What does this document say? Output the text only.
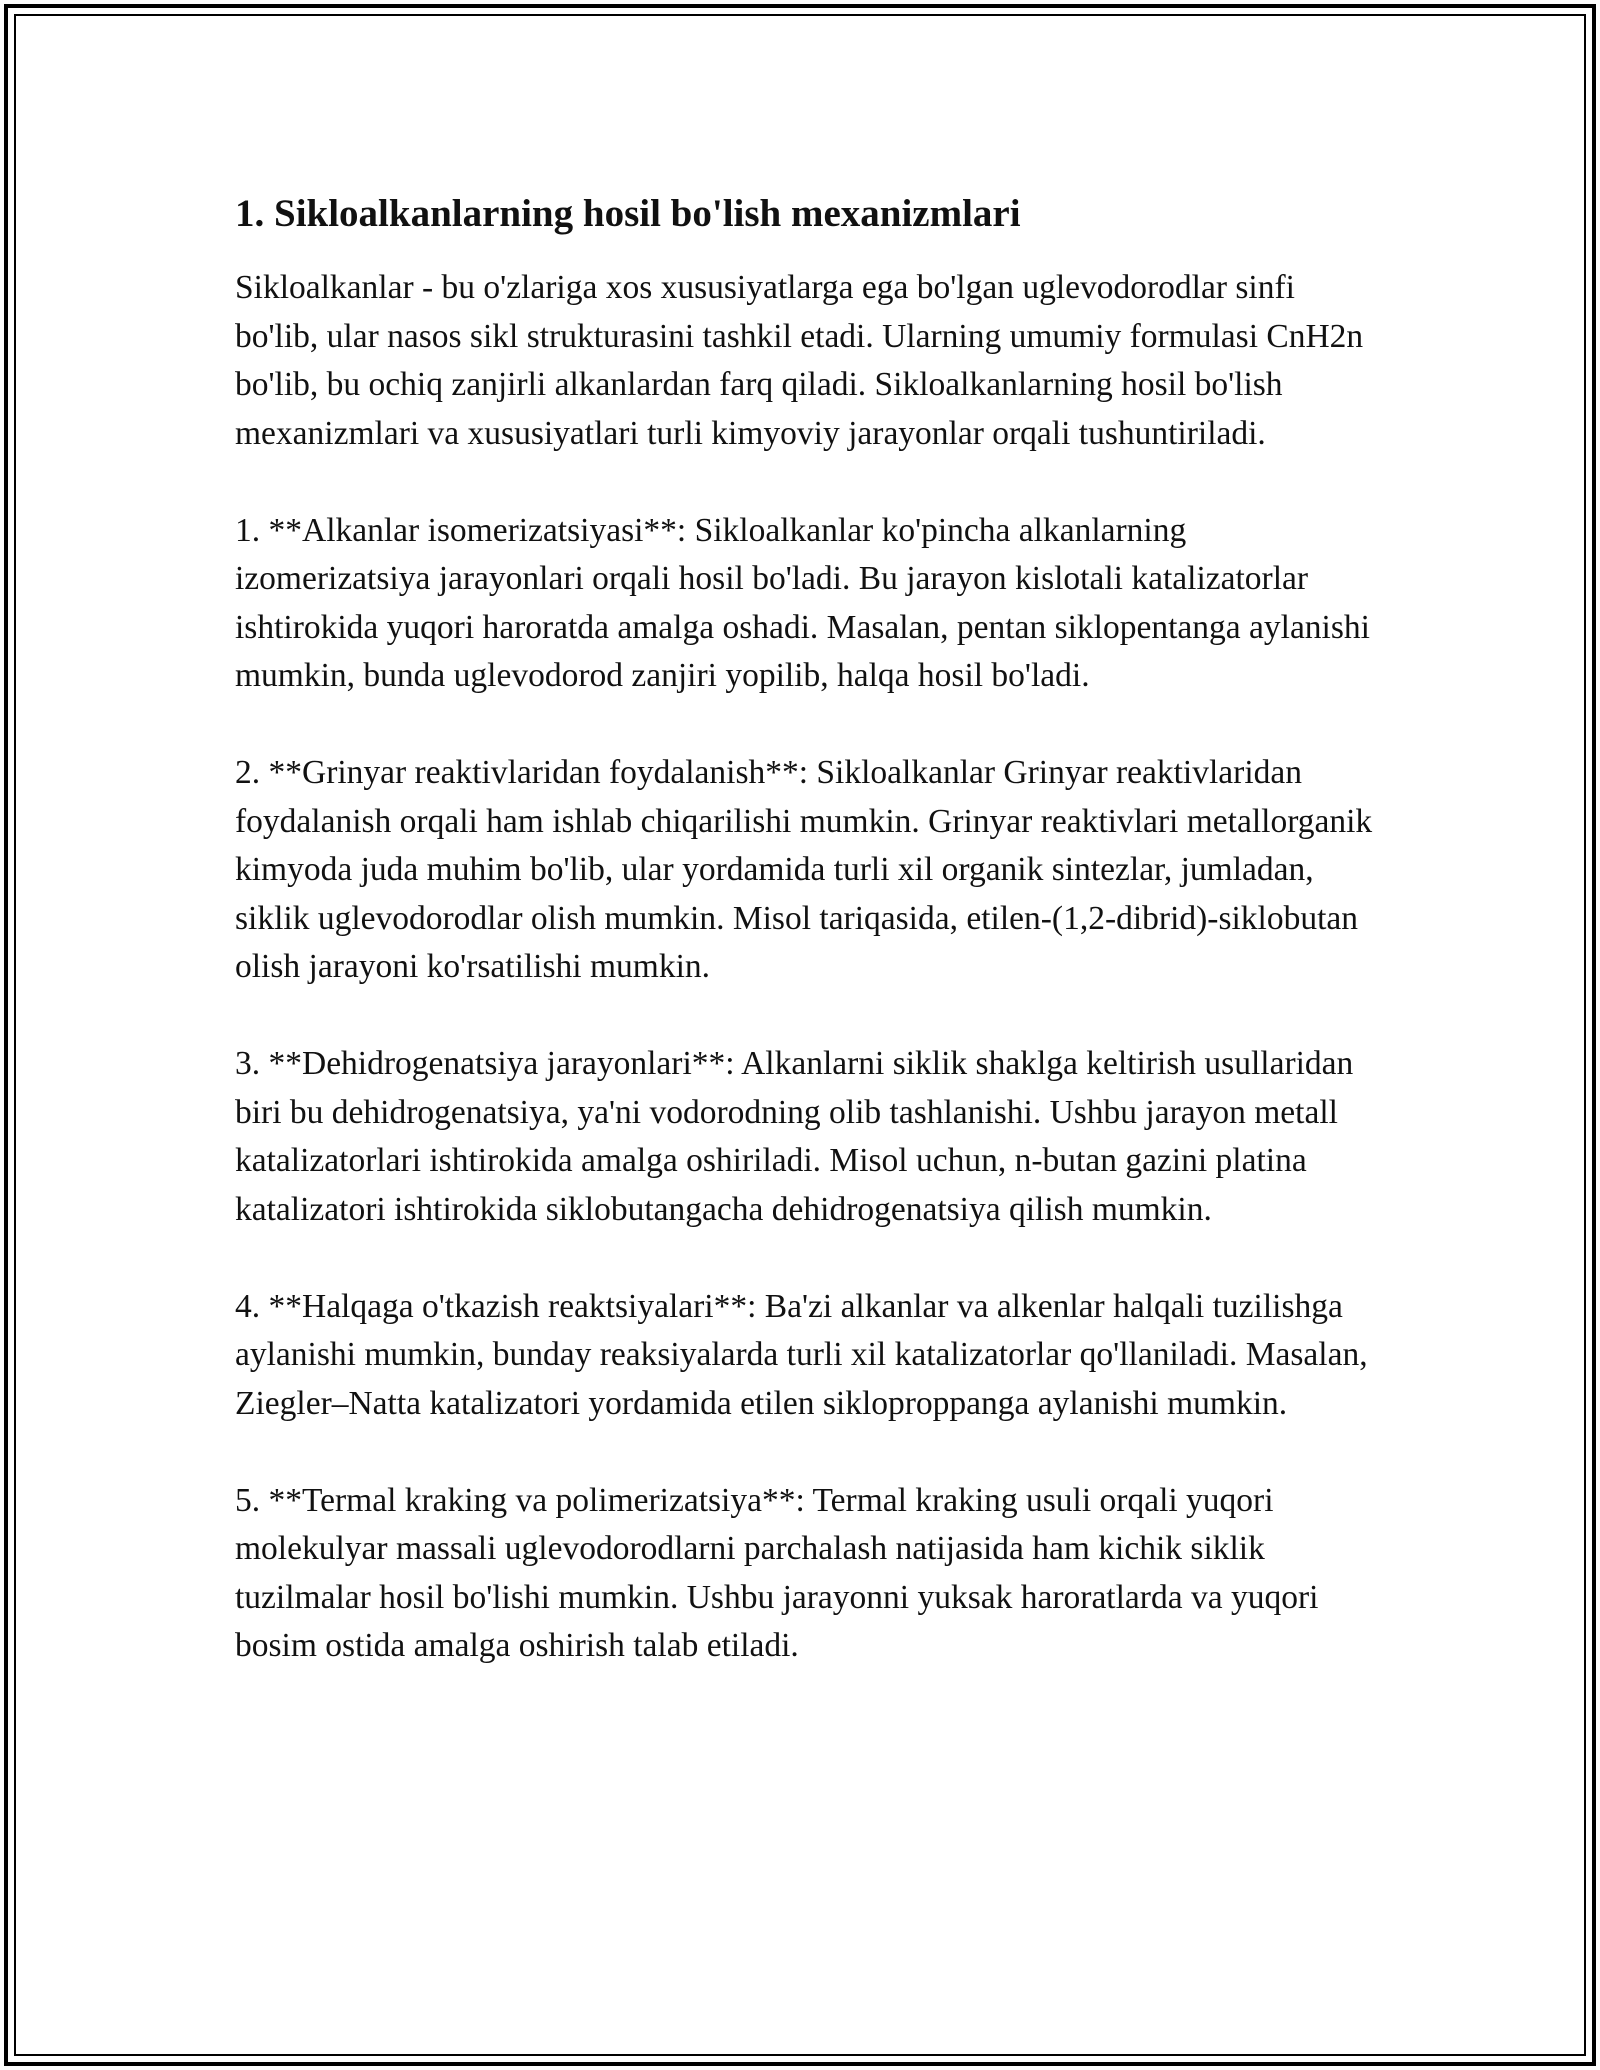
1. Sikloalkanlarning hosil bo'lish mexanizmlari

Sikloalkanlar - bu o'zlariga xos xususiyatlarga ega bo'lgan uglevodorodlar sinfi bo'lib, ular nasos sikl strukturasini tashkil etadi. Ularning umumiy formulasi CnH2n bo'lib, bu ochiq zanjirli alkanlardan farq qiladi. Sikloalkanlarning hosil bo'lish mexanizmlari va xususiyatlari turli kimyoviy jarayonlar orqali tushuntiriladi.

1. **Alkanlar isomerizatsiyasi**: Sikloalkanlar ko'pincha alkanlarning izomerizatsiya jarayonlari orqali hosil bo'ladi. Bu jarayon kislotali katalizatorlar ishtirokida yuqori haroratda amalga oshadi. Masalan, pentan siklopentanga aylanishi mumkin, bunda uglevodorod zanjiri yopilib, halqa hosil bo'ladi.

2. **Grinyar reaktivlaridan foydalanish**: Sikloalkanlar Grinyar reaktivlaridan foydalanish orqali ham ishlab chiqarilishi mumkin. Grinyar reaktivlari metallorganik kimyoda juda muhim bo'lib, ular yordamida turli xil organik sintezlar, jumladan, siklik uglevodorodlar olish mumkin. Misol tariqasida, etilen-(1,2-dibrid)-siklobutan olish jarayoni ko'rsatilishi mumkin.

3. **Dehidrogenatsiya jarayonlari**: Alkanlarni siklik shaklga keltirish usullaridan biri bu dehidrogenatsiya, ya'ni vodorodning olib tashlanishi. Ushbu jarayon metall katalizatorlari ishtirokida amalga oshiriladi. Misol uchun, n-butan gazini platina katalizatori ishtirokida siklobutangacha dehidrogenatsiya qilish mumkin.

4. **Halqaga o'tkazish reaktsiyalari**: Ba'zi alkanlar va alkenlar halqali tuzilishga aylanishi mumkin, bunday reaksiyalarda turli xil katalizatorlar qo'llaniladi. Masalan, Ziegler–Natta katalizatori yordamida etilen sikloproppanga aylanishi mumkin.

5. **Termal kraking va polimerizatsiya**: Termal kraking usuli orqali yuqori molekulyar massali uglevodorodlarni parchalash natijasida ham kichik siklik tuzilmalar hosil bo'lishi mumkin. Ushbu jarayonni yuksak haroratlarda va yuqori bosim ostida amalga oshirish talab etiladi.
